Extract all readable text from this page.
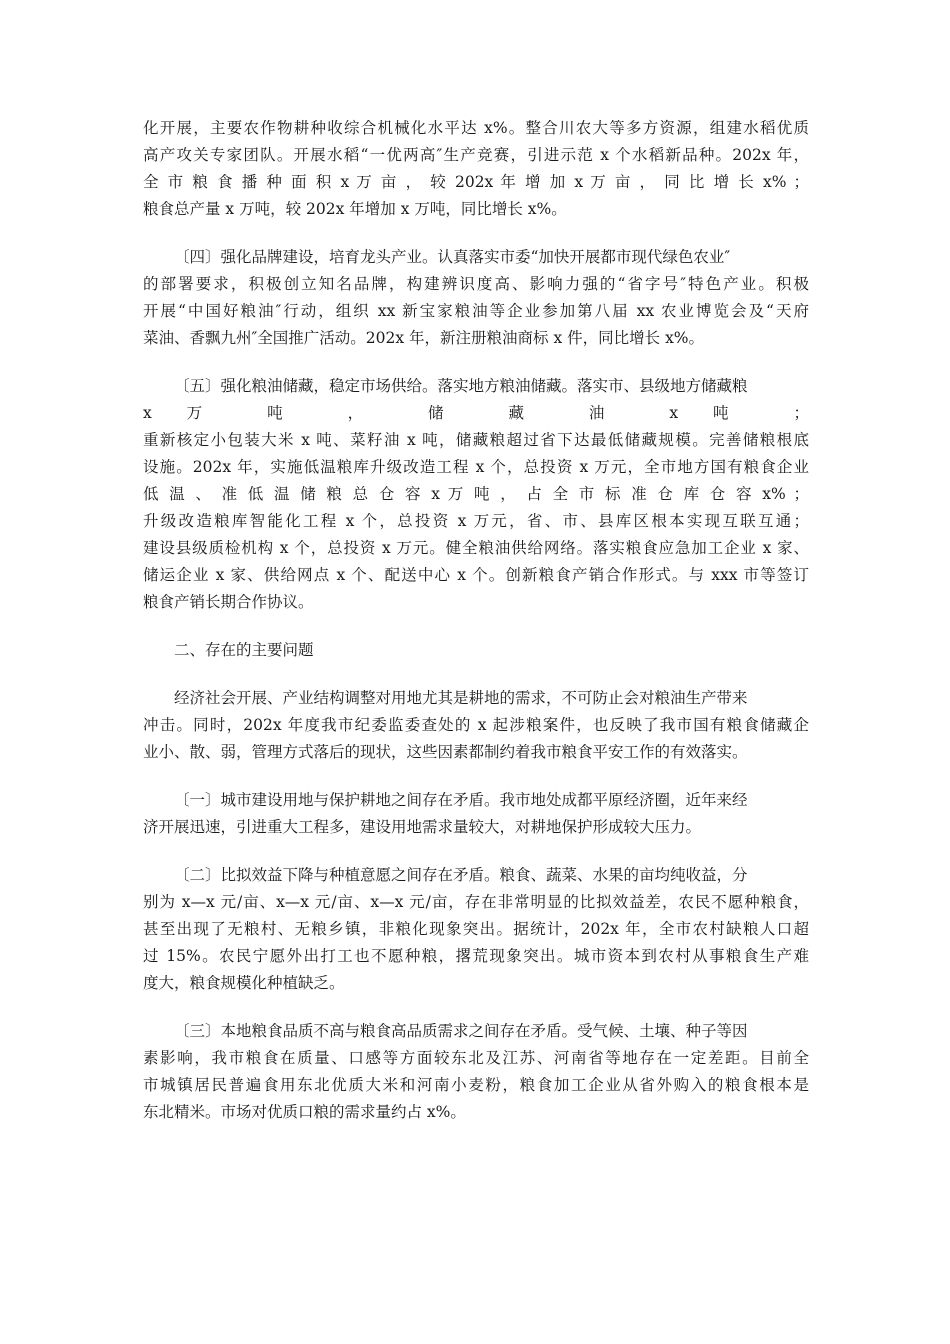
化开展，主要农作物耕种收综合机械化水平达 x%。整合川农大等多方资源，组建水稻优质
高产攻关专家团队。开展水稻“一优两高″生产竞赛，引进示范 x 个水稻新品种。202x 年，
全 市 粮 食 播 种 面 积 x 万 亩 ， 较 202x 年 增 加 x 万 亩 ， 同 比 增 长 x% ；
粮食总产量 x 万吨，较 202x 年增加 x 万吨，同比增长 x%。
〔四〕强化品牌建设，培育龙头产业。认真落实市委“加快开展都市现代绿色农业″
的部署要求，积极创立知名品牌，构建辨识度高、影响力强的“省字号″特色产业。积极
开展“中国好粮油″行动，组织 xx 新宝家粮油等企业参加第八届 xx 农业博览会及“天府
菜油、香飘九州″全国推广活动。202x 年，新注册粮油商标 x 件，同比增长 x%。
〔五〕强化粮油储藏，稳定市场供给。落实地方粮油储藏。落实市、县级地方储藏粮
x 万 吨 ， 储 藏 油 x 吨 ；
重新核定小包装大米 x 吨、菜籽油 x 吨，储藏粮超过省下达最低储藏规模。完善储粮根底
设施。202x 年，实施低温粮库升级改造工程 x 个，总投资 x 万元，全市地方国有粮食企业
低 温 、 准 低 温 储 粮 总 仓 容 x 万 吨 ， 占 全 市 标 准 仓 库 仓 容 x% ；
升级改造粮库智能化工程 x 个，总投资 x 万元，省、市、县库区根本实现互联互通；
建设县级质检机构 x 个，总投资 x 万元。健全粮油供给网络。落实粮食应急加工企业 x 家、
储运企业 x 家、供给网点 x 个、配送中心 x 个。创新粮食产销合作形式。与 xxx 市等签订
粮食产销长期合作协议。
二、存在的主要问题
经济社会开展、产业结构调整对用地尤其是耕地的需求，不可防止会对粮油生产带来
冲击。同时，202x 年度我市纪委监委查处的 x 起涉粮案件，也反映了我市国有粮食储藏企
业小、散、弱，管理方式落后的现状，这些因素都制约着我市粮食平安工作的有效落实。
〔一〕城市建设用地与保护耕地之间存在矛盾。我市地处成都平原经济圈，近年来经
济开展迅速，引进重大工程多，建设用地需求量较大，对耕地保护形成较大压力。
〔二〕比拟效益下降与种植意愿之间存在矛盾。粮食、蔬菜、水果的亩均纯收益，分
别为 x—x 元/亩、x—x 元/亩、x—x 元/亩，存在非常明显的比拟效益差，农民不愿种粮食，
甚至出现了无粮村、无粮乡镇，非粮化现象突出。据统计，202x 年，全市农村缺粮人口超
过 15%。农民宁愿外出打工也不愿种粮，撂荒现象突出。城市资本到农村从事粮食生产难
度大，粮食规模化种植缺乏。
〔三〕本地粮食品质不高与粮食高品质需求之间存在矛盾。受气候、土壤、种子等因
素影响，我市粮食在质量、口感等方面较东北及江苏、河南省等地存在一定差距。目前全
市城镇居民普遍食用东北优质大米和河南小麦粉，粮食加工企业从省外购入的粮食根本是
东北精米。市场对优质口粮的需求量约占 x%。
